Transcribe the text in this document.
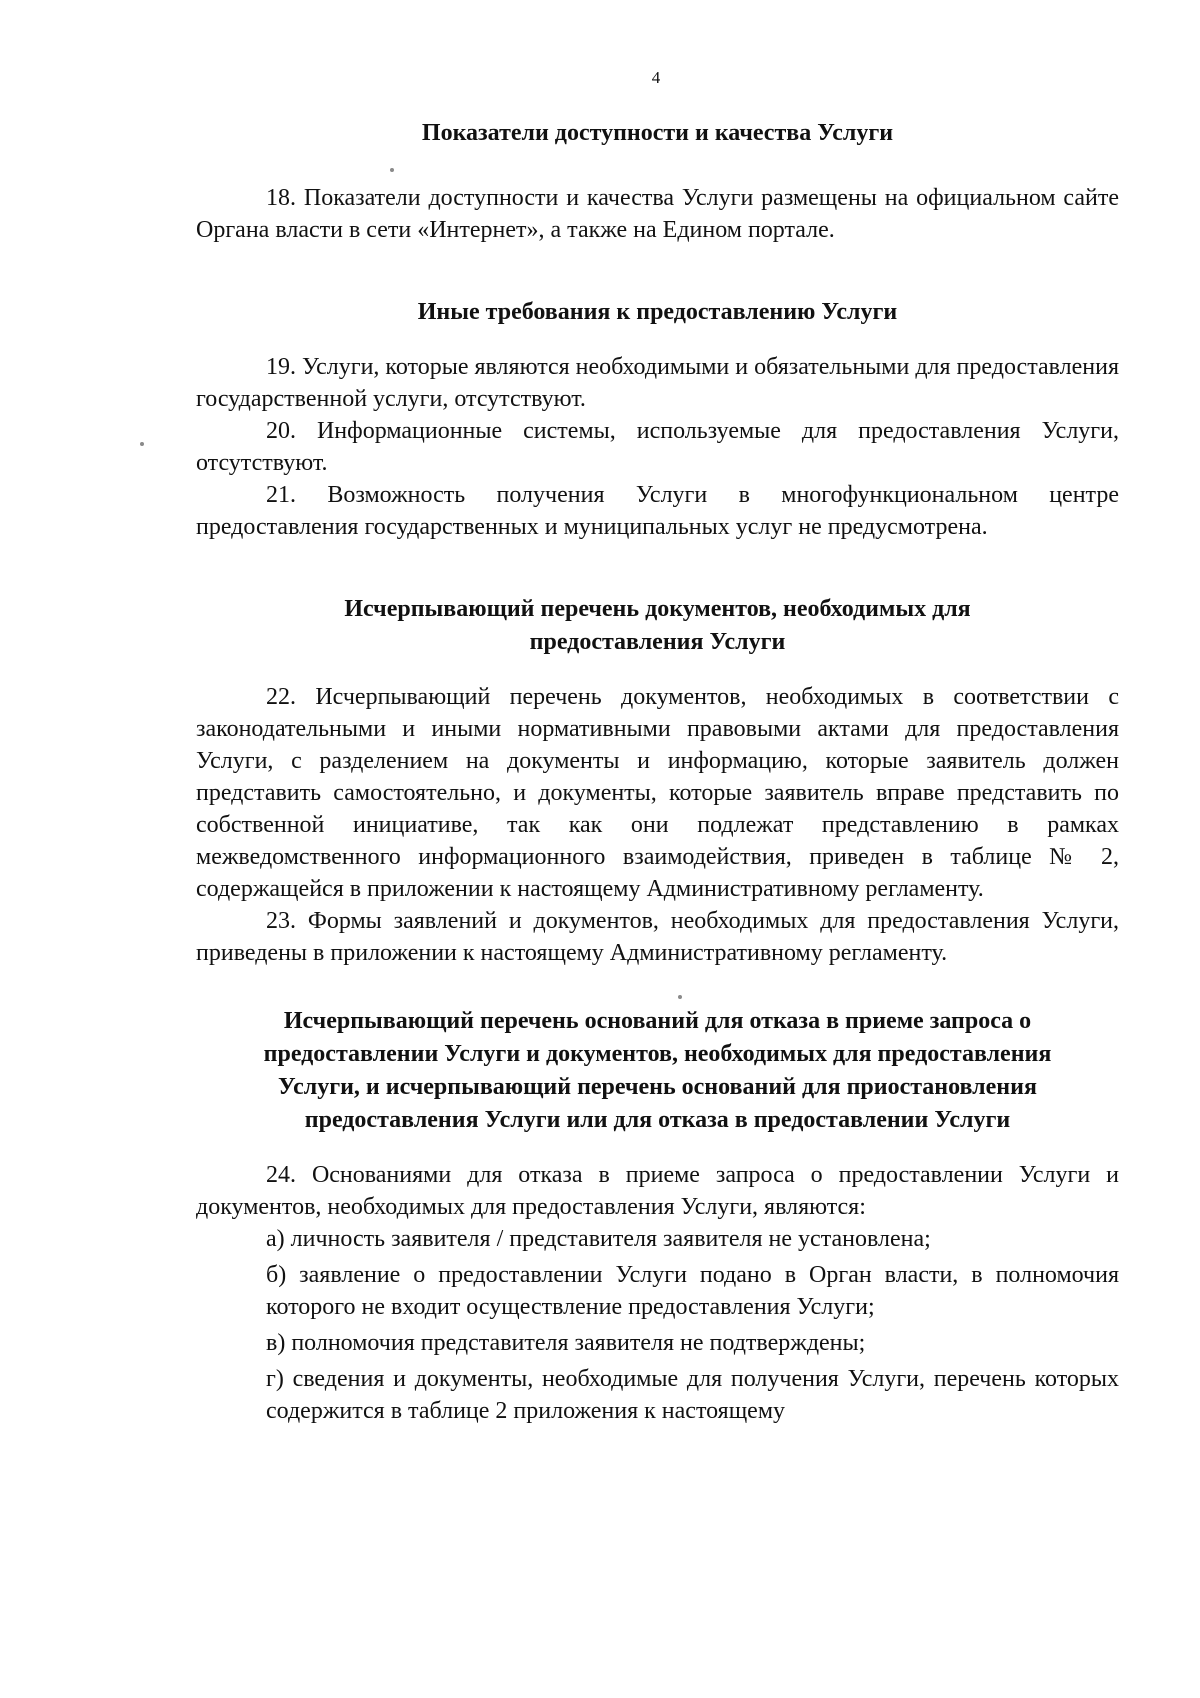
4

Показатели доступности и качества Услуги

18. Показатели доступности и качества Услуги размещены на официальном сайте Органа власти в сети «Интернет», а также на Едином портале.

Иные требования к предоставлению Услуги

19. Услуги, которые являются необходимыми и обязательными для предоставления государственной услуги, отсутствуют.

20. Информационные системы, используемые для предоставления Услуги, отсутствуют.

21. Возможность получения Услуги в многофункциональном центре предоставления государственных и муниципальных услуг не предусмотрена.

Исчерпывающий перечень документов, необходимых для
предоставления Услуги

22. Исчерпывающий перечень документов, необходимых в соответствии с законодательными и иными нормативными правовыми актами для предоставления Услуги, с разделением на документы и информацию, которые заявитель должен представить самостоятельно, и документы, которые заявитель вправе представить по собственной инициативе, так как они подлежат представлению в рамках межведомственного информационного взаимодействия, приведен в таблице № 2, содержащейся в приложении к настоящему Административному регламенту.

23. Формы заявлений и документов, необходимых для предоставления Услуги, приведены в приложении к настоящему Административному регламенту.

Исчерпывающий перечень оснований для отказа в приеме запроса о
предоставлении Услуги и документов, необходимых для предоставления
Услуги, и исчерпывающий перечень оснований для приостановления
предоставления Услуги или для отказа в предоставлении Услуги

24. Основаниями для отказа в приеме запроса о предоставлении Услуги и документов, необходимых для предоставления Услуги, являются:

а) личность заявителя / представителя заявителя не установлена;

б) заявление о предоставлении Услуги подано в Орган власти, в полномочия которого не входит осуществление предоставления Услуги;

в) полномочия представителя заявителя не подтверждены;

г) сведения и документы, необходимые для получения Услуги, перечень которых содержится в таблице 2 приложения к настоящему
